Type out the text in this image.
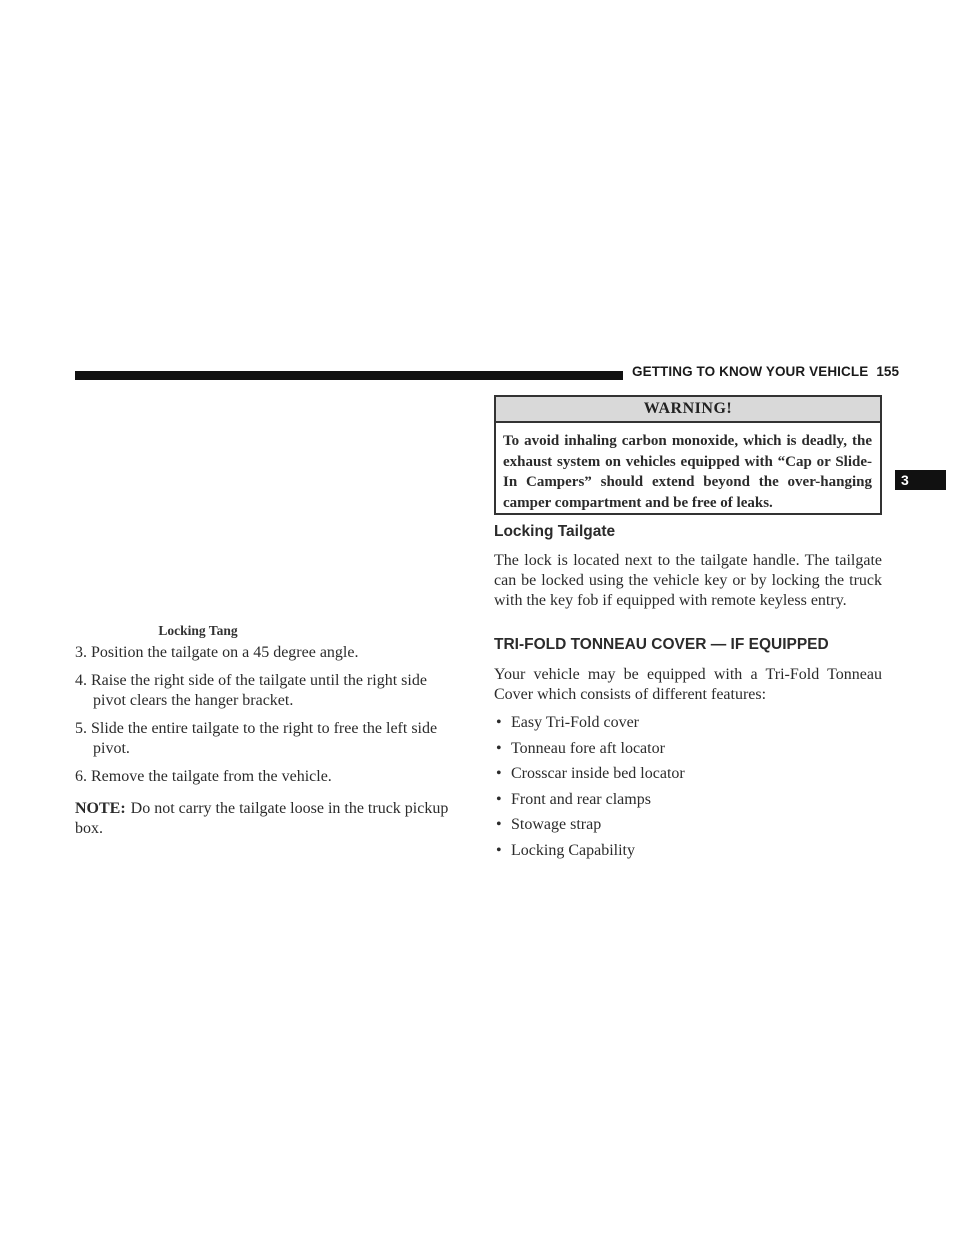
GETTING TO KNOW YOUR VEHICLE 155
3
Locking Tang

3. Position the tailgate on a 45 degree angle.

4. Raise the right side of the tailgate until the right side pivot clears the hanger bracket.

5. Slide the entire tailgate to the right to free the left side pivot.

6. Remove the tailgate from the vehicle.

NOTE: Do not carry the tailgate loose in the truck pickup box.

WARNING!
To avoid inhaling carbon monoxide, which is deadly, the exhaust system on vehicles equipped with “Cap or Slide-In Campers” should extend beyond the over-hanging camper compartment and be free of leaks.
Locking Tailgate

The lock is located next to the tailgate handle. The tailgate can be locked using the vehicle key or by locking the truck with the key fob if equipped with remote keyless entry.

TRI-FOLD TONNEAU COVER — IF EQUIPPED

Your vehicle may be equipped with a Tri-Fold Tonneau Cover which consists of different features:

• Easy Tri-Fold cover
• Tonneau fore aft locator
• Crosscar inside bed locator
• Front and rear clamps
• Stowage strap
• Locking Capability
